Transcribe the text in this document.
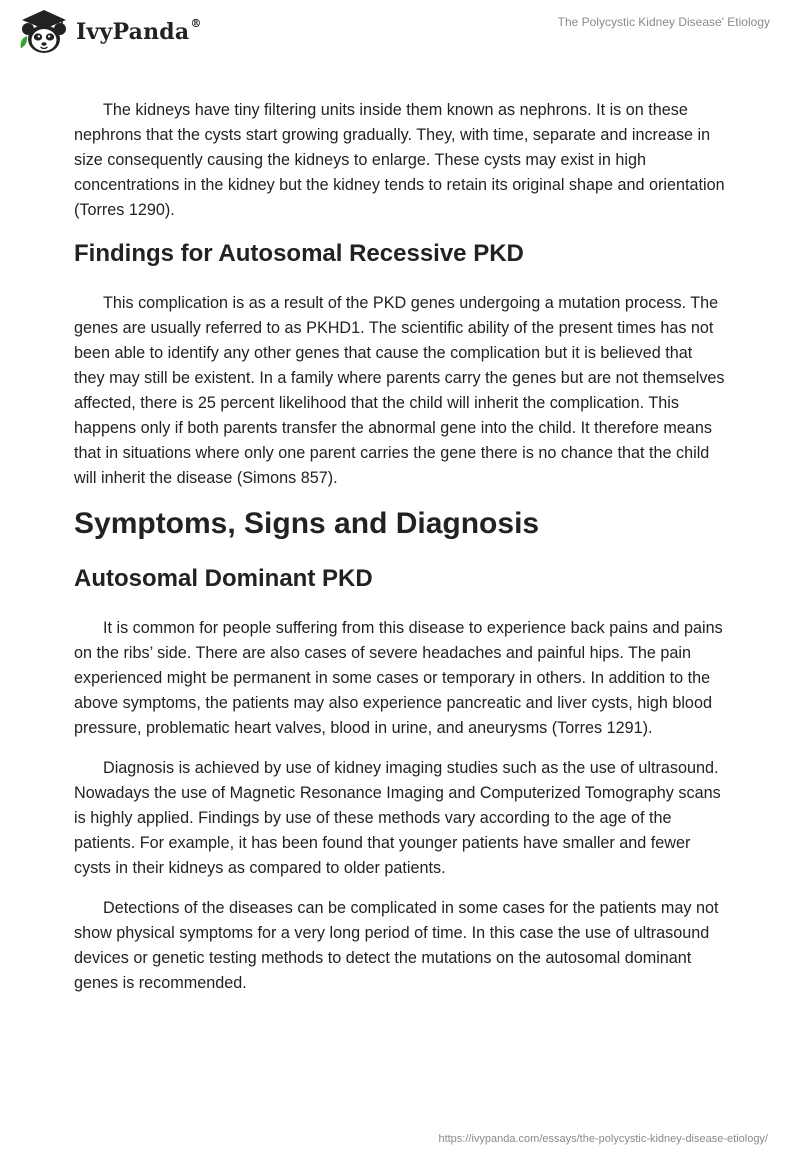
IvyPanda®	The Polycystic Kidney Disease' Etiology

The kidneys have tiny filtering units inside them known as nephrons. It is on these nephrons that the cysts start growing gradually. They, with time, separate and increase in size consequently causing the kidneys to enlarge. These cysts may exist in high concentrations in the kidney but the kidney tends to retain its original shape and orientation (Torres 1290).

Findings for Autosomal Recessive PKD

This complication is as a result of the PKD genes undergoing a mutation process. The genes are usually referred to as PKHD1. The scientific ability of the present times has not been able to identify any other genes that cause the complication but it is believed that they may still be existent. In a family where parents carry the genes but are not themselves affected, there is 25 percent likelihood that the child will inherit the complication. This happens only if both parents transfer the abnormal gene into the child. It therefore means that in situations where only one parent carries the gene there is no chance that the child will inherit the disease (Simons 857).

Symptoms, Signs and Diagnosis
Autosomal Dominant PKD

It is common for people suffering from this disease to experience back pains and pains on the ribs’ side. There are also cases of severe headaches and painful hips. The pain experienced might be permanent in some cases or temporary in others. In addition to the above symptoms, the patients may also experience pancreatic and liver cysts, high blood pressure, problematic heart valves, blood in urine, and aneurysms (Torres 1291).

Diagnosis is achieved by use of kidney imaging studies such as the use of ultrasound. Nowadays the use of Magnetic Resonance Imaging and Computerized Tomography scans is highly applied. Findings by use of these methods vary according to the age of the patients. For example, it has been found that younger patients have smaller and fewer cysts in their kidneys as compared to older patients.

Detections of the diseases can be complicated in some cases for the patients may not show physical symptoms for a very long period of time. In this case the use of ultrasound devices or genetic testing methods to detect the mutations on the autosomal dominant genes is recommended.

https://ivypanda.com/essays/the-polycystic-kidney-disease-etiology/
